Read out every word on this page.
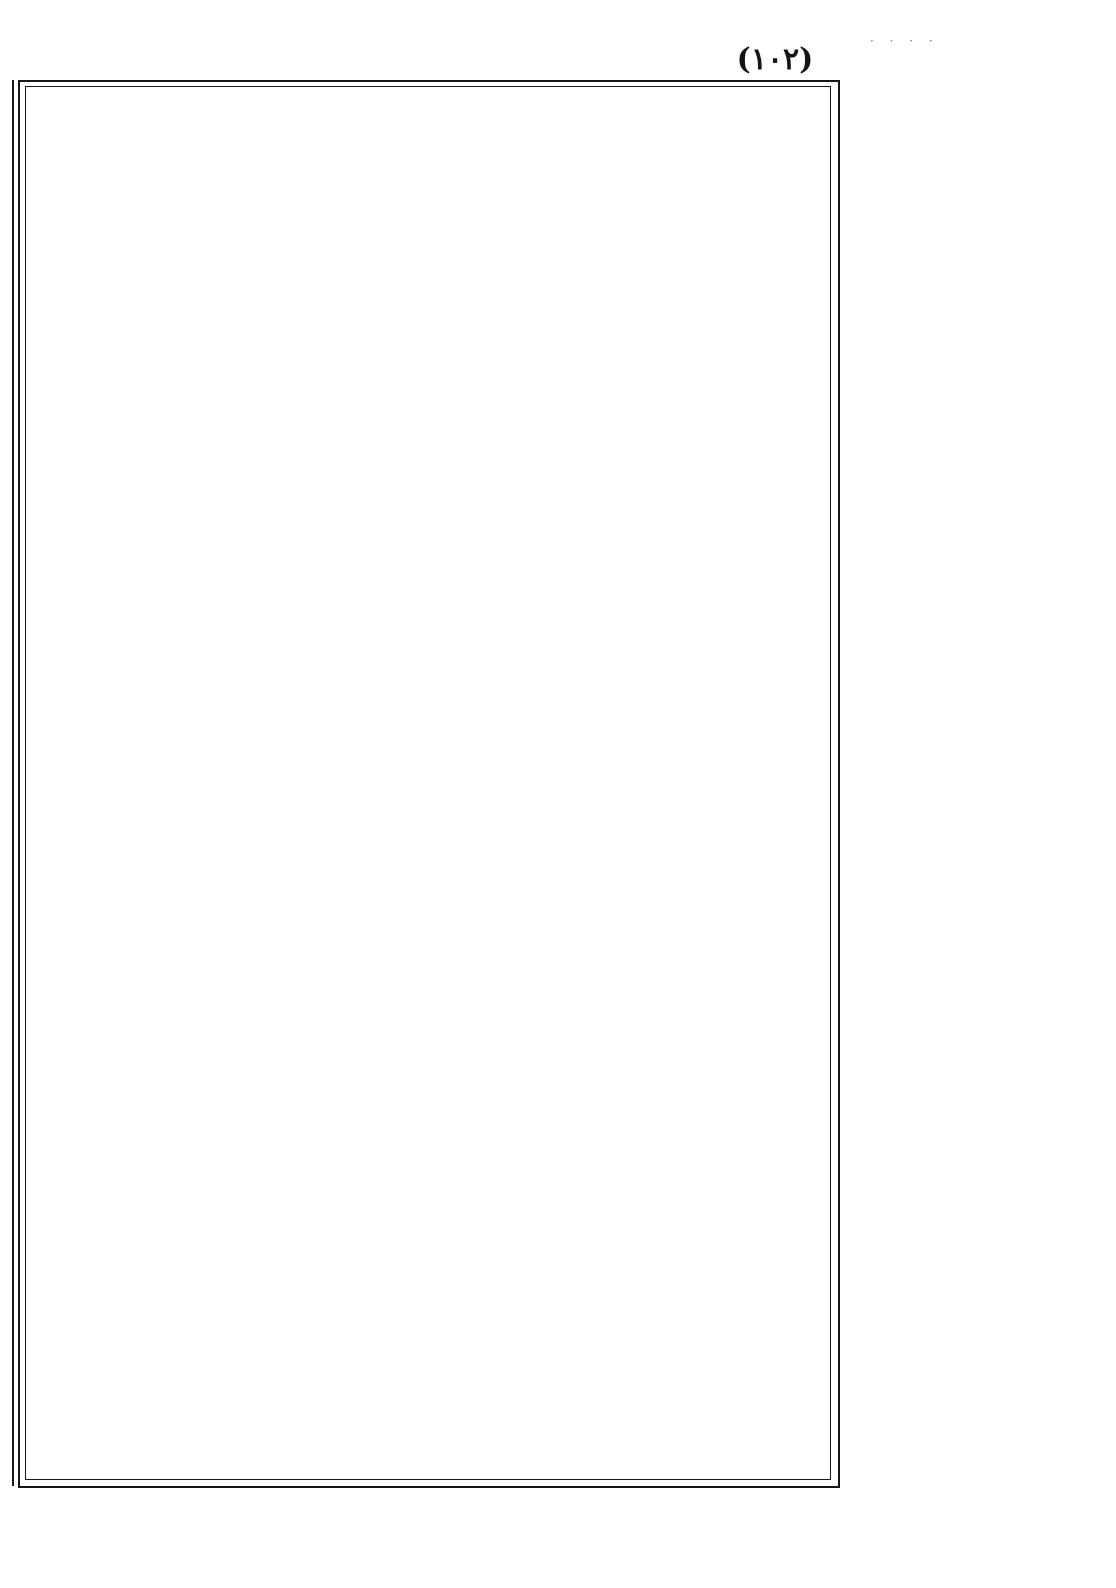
· · · ·
(١٠٢)
